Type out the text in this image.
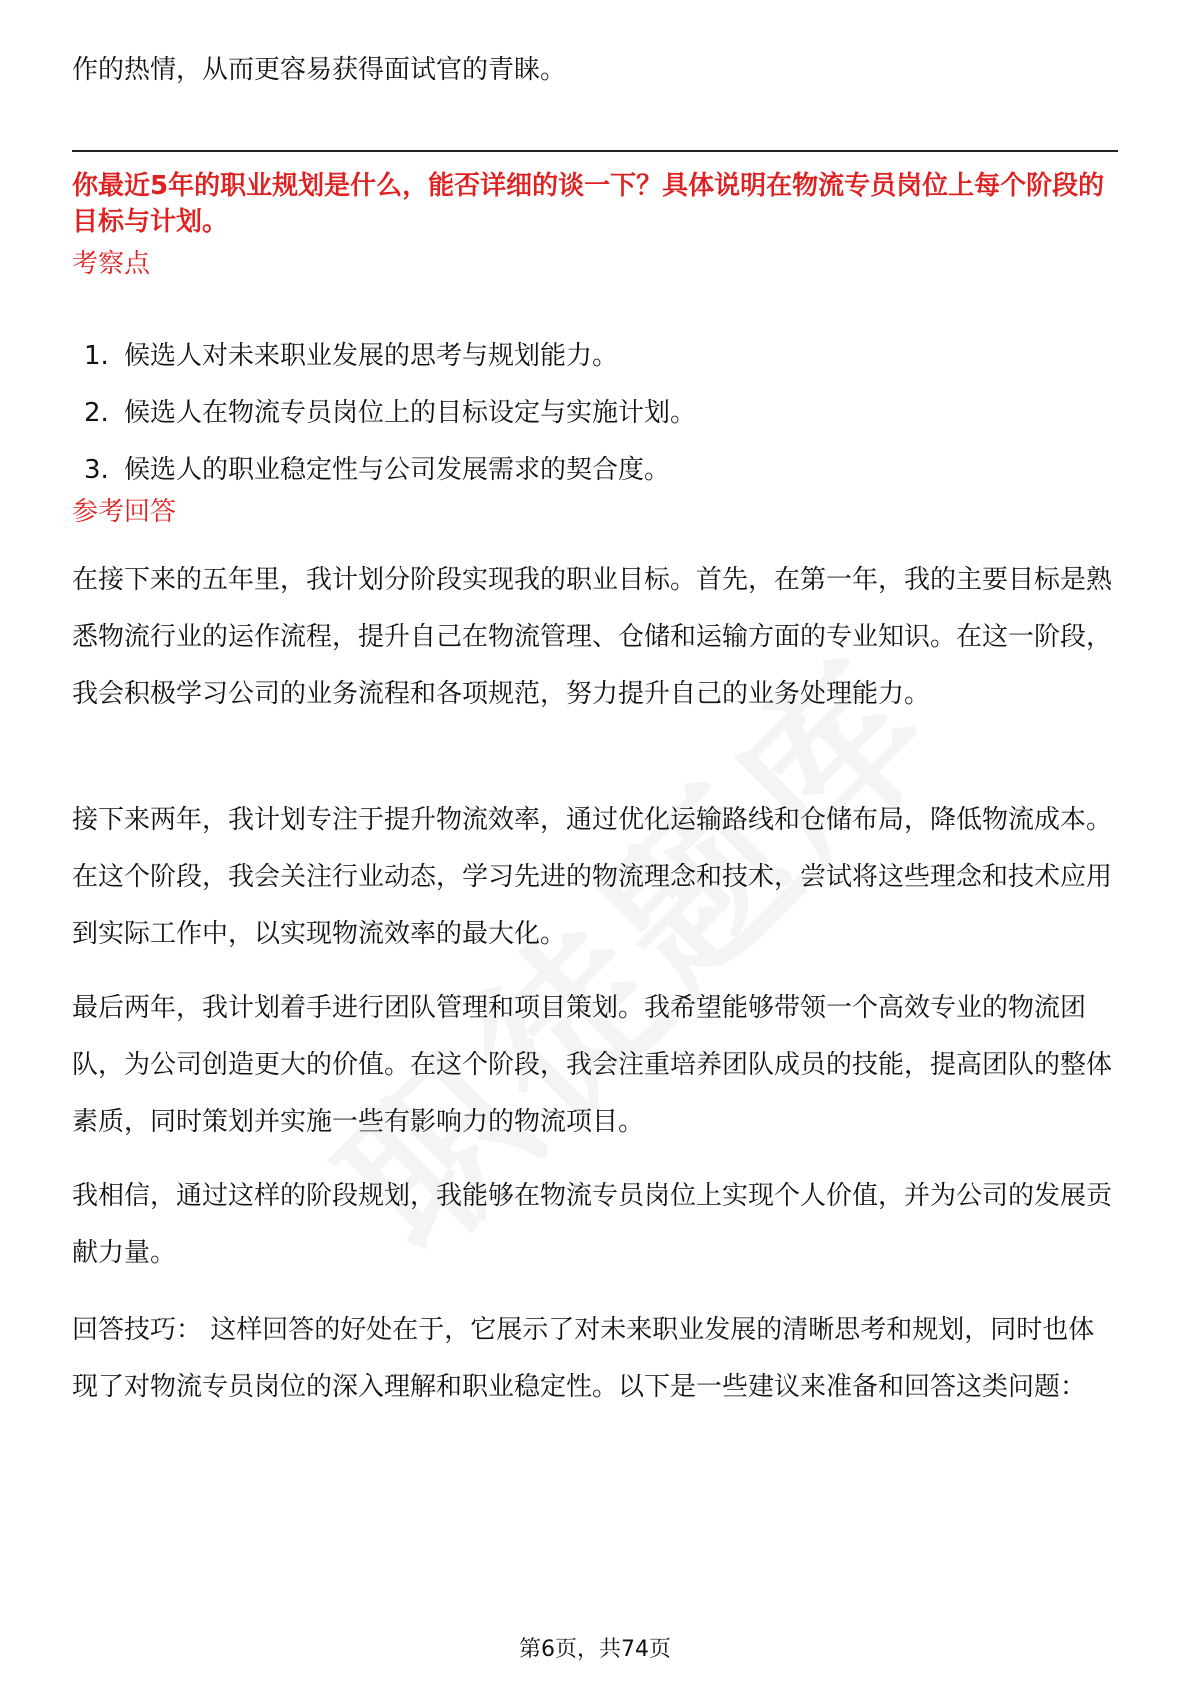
作的热情，从而更容易获得面试官的青睐。
你最近5年的职业规划是什么，能否详细的谈一下？具体说明在物流专员岗位上每个阶段的目标与计划。
考察点
1. 候选人对未来职业发展的思考与规划能力。
2. 候选人在物流专员岗位上的目标设定与实施计划。
3. 候选人的职业稳定性与公司发展需求的契合度。
参考回答

在接下来的五年里，我计划分阶段实现我的职业目标。首先，在第一年，我的主要目标是熟悉物流行业的运作流程，提升自己在物流管理、仓储和运输方面的专业知识。在这一阶段，我会积极学习公司的业务流程和各项规范，努力提升自己的业务处理能力。

接下来两年，我计划专注于提升物流效率，通过优化运输路线和仓储布局，降低物流成本。在这个阶段，我会关注行业动态，学习先进的物流理念和技术，尝试将这些理念和技术应用到实际工作中，以实现物流效率的最大化。

最后两年，我计划着手进行团队管理和项目策划。我希望能够带领一个高效专业的物流团队，为公司创造更大的价值。在这个阶段，我会注重培养团队成员的技能，提高团队的整体素质，同时策划并实施一些有影响力的物流项目。

我相信，通过这样的阶段规划，我能够在物流专员岗位上实现个人价值，并为公司的发展贡献力量。

回答技巧： 这样回答的好处在于，它展示了对未来职业发展的清晰思考和规划，同时也体现了对物流专员岗位的深入理解和职业稳定性。以下是一些建议来准备和回答这类问题：

第6页，共74页
